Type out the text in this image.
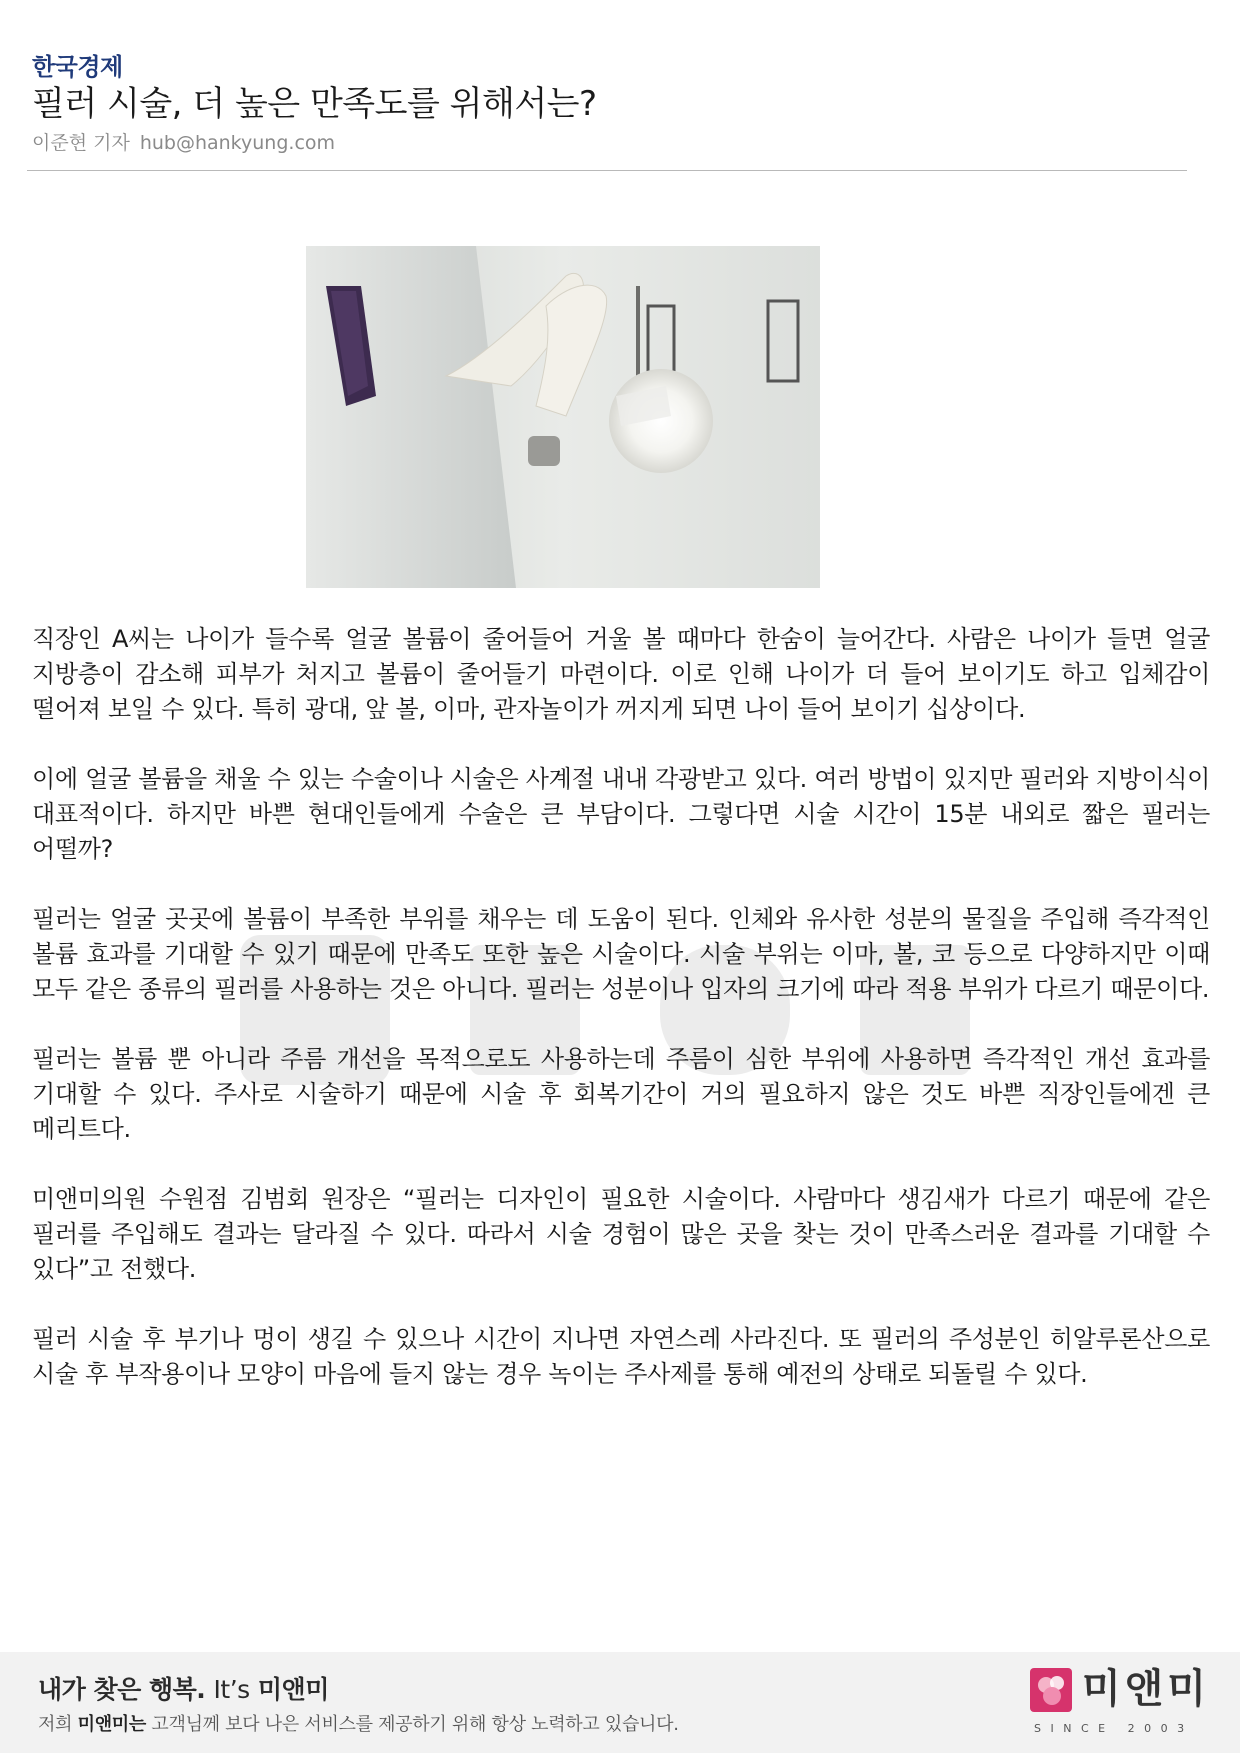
한국경제
필러 시술, 더 높은 만족도를 위해서는?
이준현 기자 hub@hankyung.com

직장인 A씨는 나이가 들수록 얼굴 볼륨이 줄어들어 거울 볼 때마다 한숨이 늘어간다. 사람은 나이가 들면 얼굴 지방층이 감소해 피부가 처지고 볼륨이 줄어들기 마련이다. 이로 인해 나이가 더 들어 보이기도 하고 입체감이 떨어져 보일 수 있다. 특히 광대, 앞 볼, 이마, 관자놀이가 꺼지게 되면 나이 들어 보이기 십상이다.

이에 얼굴 볼륨을 채울 수 있는 수술이나 시술은 사계절 내내 각광받고 있다. 여러 방법이 있지만 필러와 지방이식이 대표적이다. 하지만 바쁜 현대인들에게 수술은 큰 부담이다. 그렇다면 시술 시간이 15분 내외로 짧은 필러는 어떨까?

필러는 얼굴 곳곳에 볼륨이 부족한 부위를 채우는 데 도움이 된다. 인체와 유사한 성분의 물질을 주입해 즉각적인 볼륨 효과를 기대할 수 있기 때문에 만족도 또한 높은 시술이다. 시술 부위는 이마, 볼, 코 등으로 다양하지만 이때 모두 같은 종류의 필러를 사용하는 것은 아니다. 필러는 성분이나 입자의 크기에 따라 적용 부위가 다르기 때문이다.

필러는 볼륨 뿐 아니라 주름 개선을 목적으로도 사용하는데 주름이 심한 부위에 사용하면 즉각적인 개선 효과를 기대할 수 있다. 주사로 시술하기 때문에 시술 후 회복기간이 거의 필요하지 않은 것도 바쁜 직장인들에겐 큰 메리트다.

미앤미의원 수원점 김범회 원장은 “필러는 디자인이 필요한 시술이다. 사람마다 생김새가 다르기 때문에 같은 필러를 주입해도 결과는 달라질 수 있다. 따라서 시술 경험이 많은 곳을 찾는 것이 만족스러운 결과를 기대할 수 있다”고 전했다.

필러 시술 후 부기나 멍이 생길 수 있으나 시간이 지나면 자연스레 사라진다. 또 필러의 주성분인 히알루론산으로 시술 후 부작용이나 모양이 마음에 들지 않는 경우 녹이는 주사제를 통해 예전의 상태로 되돌릴 수 있다.

내가 찾은 행복. It’s 미앤미
저희 미앤미는 고객님께 보다 나은 서비스를 제공하기 위해 항상 노력하고 있습니다.
미앤미
SINCE 2003
